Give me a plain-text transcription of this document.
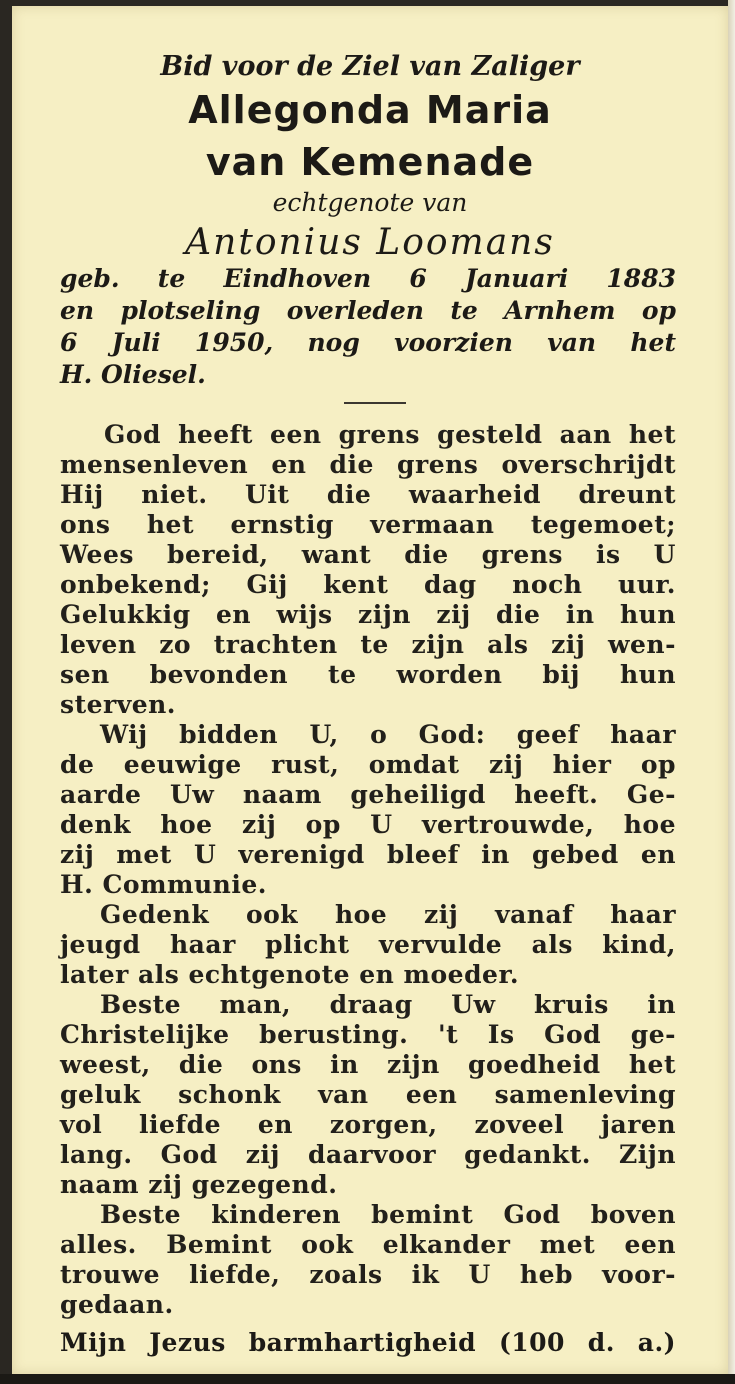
Bid voor de Ziel van Zaliger
Allegonda Maria
van Kemenade
echtgenote van
Antonius Loomans
geb. te Eindhoven 6 Januari 1883
en plotseling overleden te Arnhem op
6 Juli 1950, nog voorzien van het
H. Oliesel.
God heeft een grens gesteld aan het
mensenleven en die grens overschrijdt
Hij niet. Uit die waarheid dreunt
ons het ernstig vermaan tegemoet;
Wees bereid, want die grens is U
onbekend; Gij kent dag noch uur.
Gelukkig en wijs zijn zij die in hun
leven zo trachten te zijn als zij wen-
sen bevonden te worden bij hun
sterven.
Wij bidden U, o God: geef haar
de eeuwige rust, omdat zij hier op
aarde Uw naam geheiligd heeft. Ge-
denk hoe zij op U vertrouwde, hoe
zij met U verenigd bleef in gebed en
H. Communie.
Gedenk ook hoe zij vanaf haar
jeugd haar plicht vervulde als kind,
later als echtgenote en moeder.
Beste man, draag Uw kruis in
Christelijke berusting. 't Is God ge-
weest, die ons in zijn goedheid het
geluk schonk van een samenleving
vol liefde en zorgen, zoveel jaren
lang. God zij daarvoor gedankt. Zijn
naam zij gezegend.
Beste kinderen bemint God boven
alles. Bemint ook elkander met een
trouwe liefde, zoals ik U heb voor-
gedaan.
Mijn Jezus barmhartigheid (100 d. a.)
